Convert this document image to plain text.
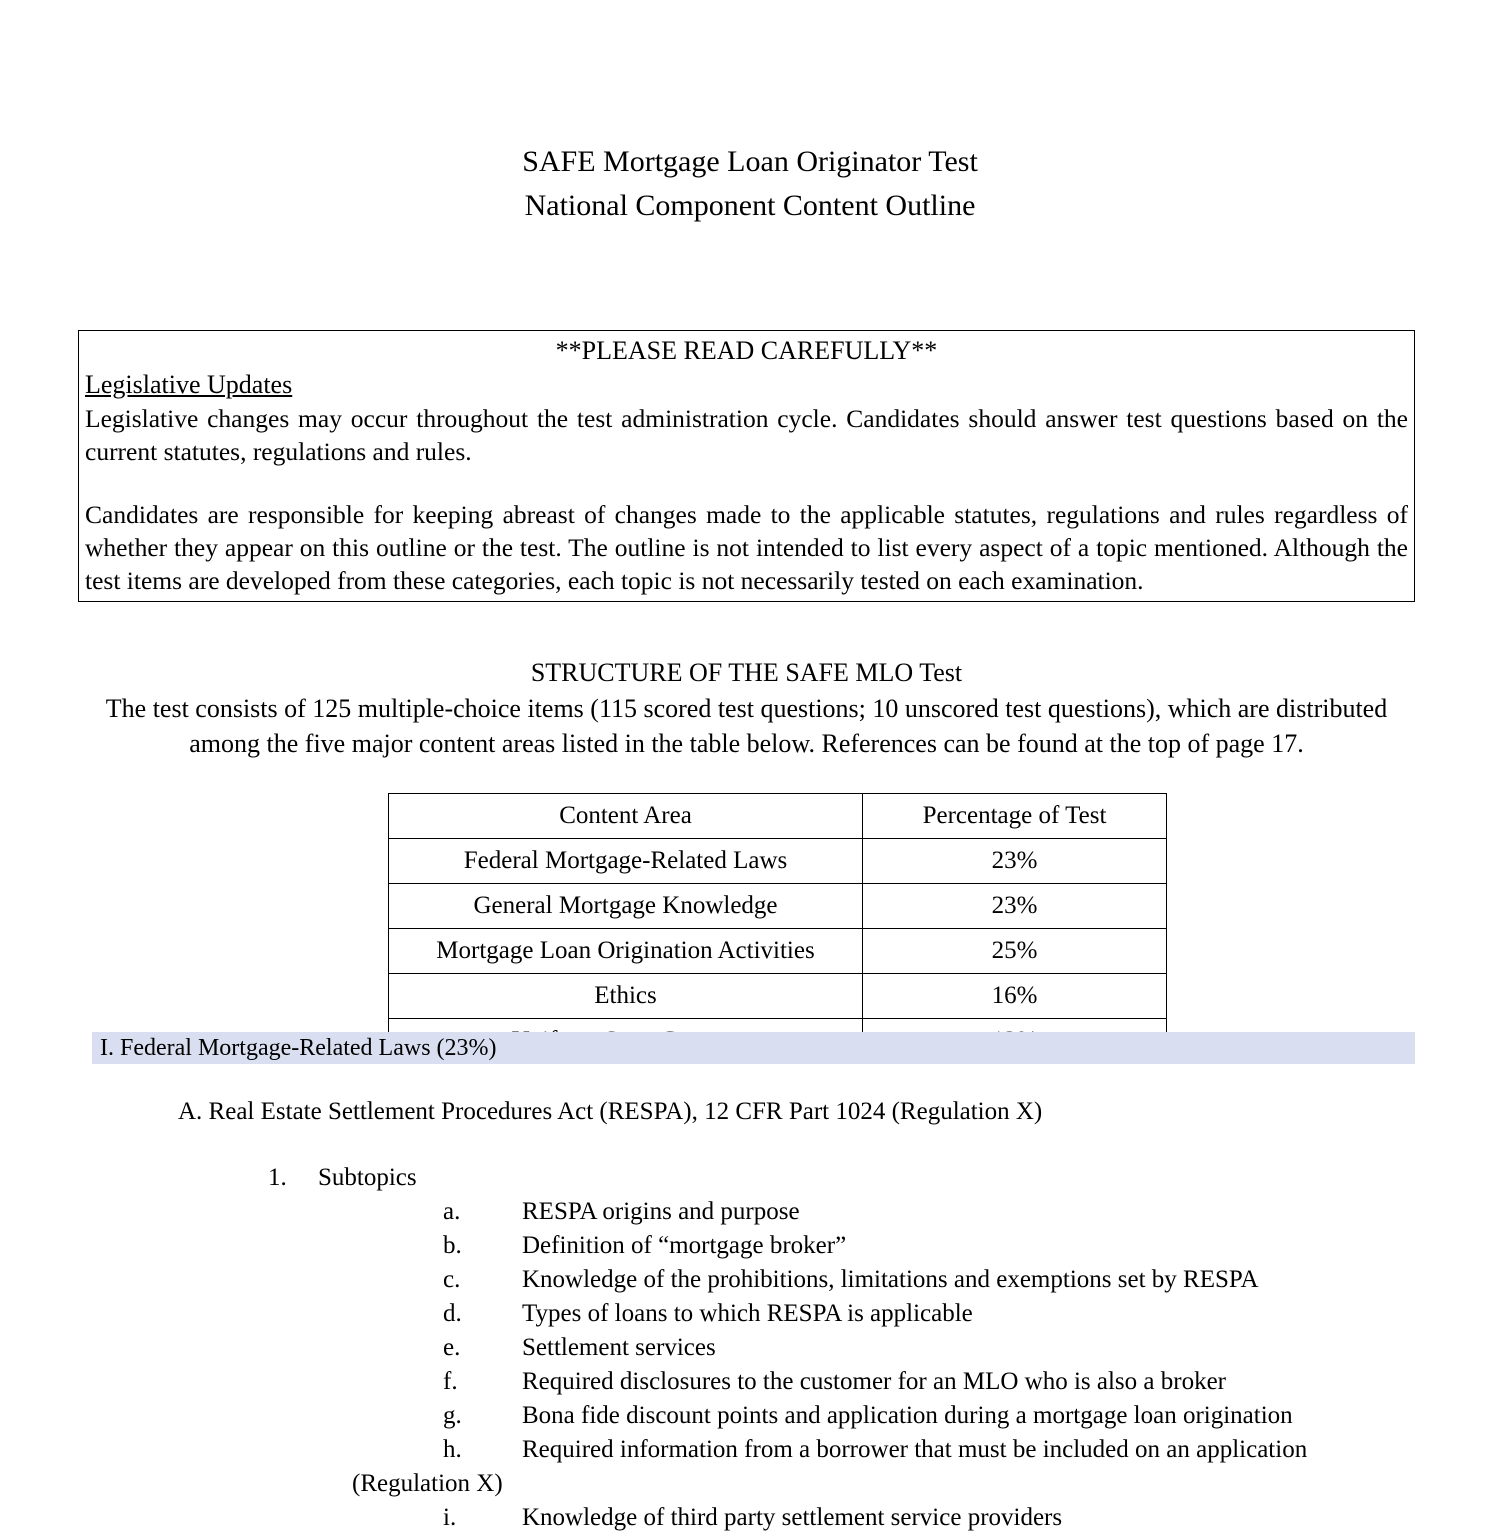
SAFE Mortgage Loan Originator Test
National Component Content Outline
**PLEASE READ CAREFULLY**
Legislative Updates
Legislative changes may occur throughout the test administration cycle. Candidates should answer test questions based on the current statutes, regulations and rules.
Candidates are responsible for keeping abreast of changes made to the applicable statutes, regulations and rules regardless of whether they appear on this outline or the test. The outline is not intended to list every aspect of a topic mentioned. Although the test items are developed from these categories, each topic is not necessarily tested on each examination.
STRUCTURE OF THE SAFE MLO Test
The test consists of 125 multiple-choice items (115 scored test questions; 10 unscored test questions), which are distributed among the five major content areas listed in the table below. References can be found at the top of page 17.
Content Area	Percentage of Test
Federal Mortgage-Related Laws	23%
General Mortgage Knowledge	23%
Mortgage Loan Origination Activities	25%
Ethics	16%

I. Federal Mortgage-Related Laws (23%)
A. Real Estate Settlement Procedures Act (RESPA), 12 CFR Part 1024 (Regulation X)
1.	Subtopics
a.	RESPA origins and purpose
b.	Definition of “mortgage broker”
c.	Knowledge of the prohibitions, limitations and exemptions set by RESPA
d.	Types of loans to which RESPA is applicable
e.	Settlement services
f.	Required disclosures to the customer for an MLO who is also a broker
g.	Bona fide discount points and application during a mortgage loan origination
h.	Required information from a borrower that must be included on an application
(Regulation X)
i.	Knowledge of third party settlement service providers
